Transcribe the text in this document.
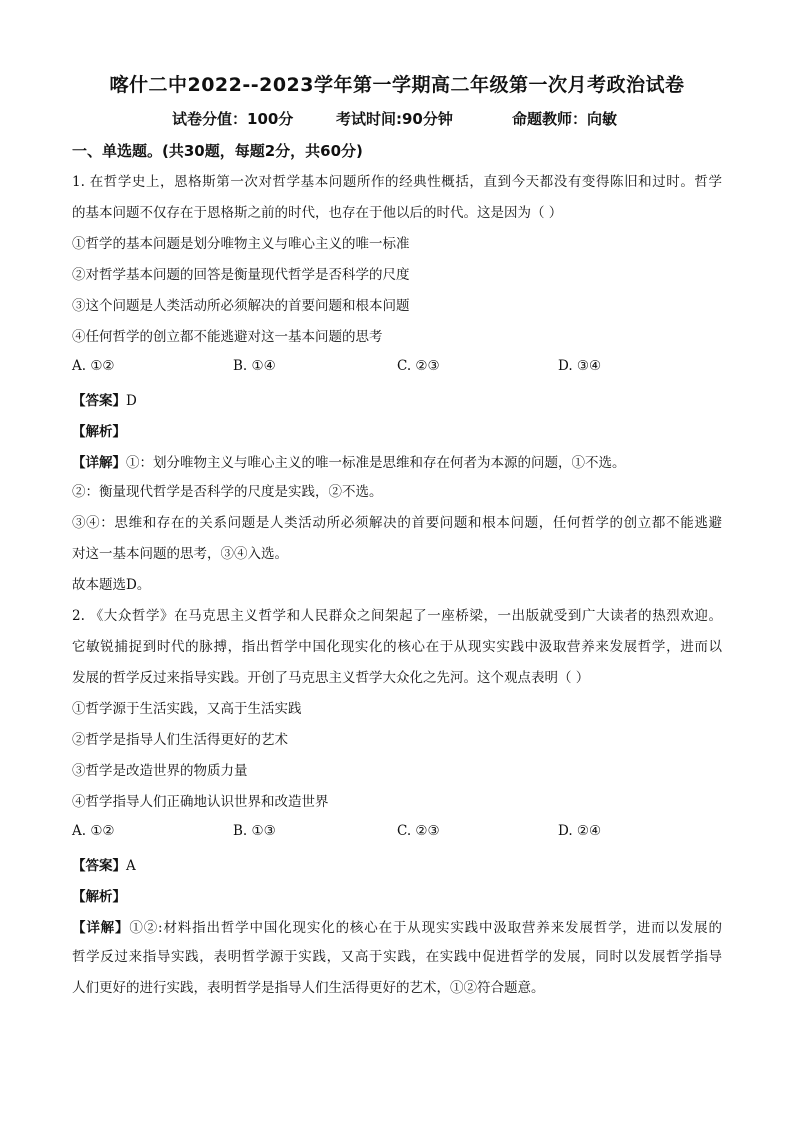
喀什二中2022--2023学年第一学期高二年级第一次月考政治试卷
试卷分值：100分	考试时间:90分钟	命题教师：向敏
一、单选题。(共30题，每题2分，共60分)
1. 在哲学史上，恩格斯第一次对哲学基本问题所作的经典性概括，直到今天都没有变得陈旧和过时。哲学
的基本问题不仅存在于恩格斯之前的时代，也存在于他以后的时代。这是因为（ ）
①哲学的基本问题是划分唯物主义与唯心主义的唯一标准
②对哲学基本问题的回答是衡量现代哲学是否科学的尺度
③这个问题是人类活动所必须解决的首要问题和根本问题
④任何哲学的创立都不能逃避对这一基本问题的思考
A. ①②	B. ①④	C. ②③	D. ③④
【答案】D
【解析】
【详解】①：划分唯物主义与唯心主义的唯一标准是思维和存在何者为本源的问题，①不选。
②：衡量现代哲学是否科学的尺度是实践，②不选。
③④：思维和存在的关系问题是人类活动所必须解决的首要问题和根本问题，任何哲学的创立都不能逃避
对这一基本问题的思考，③④入选。
故本题选D。
2. 《大众哲学》在马克思主义哲学和人民群众之间架起了一座桥梁，一出版就受到广大读者的热烈欢迎。
它敏锐捕捉到时代的脉搏，指出哲学中国化现实化的核心在于从现实实践中汲取营养来发展哲学，进而以
发展的哲学反过来指导实践。开创了马克思主义哲学大众化之先河。这个观点表明（ ）
①哲学源于生活实践，又高于生活实践
②哲学是指导人们生活得更好的艺术
③哲学是改造世界的物质力量
④哲学指导人们正确地认识世界和改造世界
A. ①②	B. ①③	C. ②③	D. ②④
【答案】A
【解析】
【详解】①②:材料指出哲学中国化现实化的核心在于从现实实践中汲取营养来发展哲学，进而以发展的
哲学反过来指导实践，表明哲学源于实践，又高于实践，在实践中促进哲学的发展，同时以发展哲学指导
人们更好的进行实践，表明哲学是指导人们生活得更好的艺术，①②符合题意。
